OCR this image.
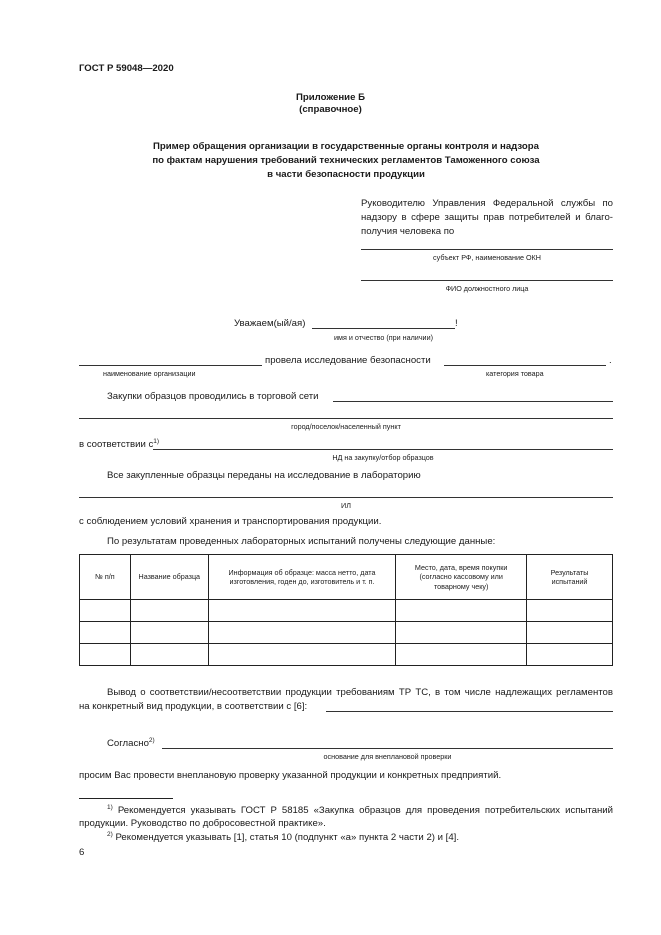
ГОСТ Р 59048—2020
Приложение Б
(справочное)
Пример обращения организации в государственные органы контроля и надзора
по фактам нарушения требований технических регламентов Таможенного союза
в части безопасности продукции
Руководителю Управления Федеральной службы по
надзору в сфере защиты прав потребителей и благо-
получия человека по
субъект РФ, наименование ОКН
ФИО должностного лица
Уважаем(ый/ая)	!
имя и отчество (при наличии)
провела исследование безопасности	.
наименование организации	категория товара
Закупки образцов проводились в торговой сети
город/поселок/населенный пункт
в соответствии $с^{1)}$
НД на закупку/отбор образцов
Все закупленные образцы переданы на исследование в лабораторию
ИЛ
с соблюдением условий хранения и транспортирования продукции.
По результатам проведенных лабораторных испытаний получены следующие данные:
№ п/п	Название образца	Информация об образце: масса нетто, дата изготовления, годен до, изготовитель и т. п.	Место, дата, время покупки (согласно кассовому или товарному чеку)	Результаты испытаний

Вывод о соответствии/несоответствии продукции требованиям ТР ТС, в том числе надлежащих регламентов
на конкретный вид продукции, в соответствии с [6]:
Согласно$^{2)}$
основание для внеплановой проверки
просим Вас провести внеплановую проверку указанной продукции и конкретных предприятий.
$^{1)}$ Рекомендуется указывать ГОСТ Р 58185 «Закупка образцов для проведения потребительских испытаний
продукции. Руководство по добросовестной практике».
$^{2)}$ Рекомендуется указывать [1], статья 10 (подпункт «а» пункта 2 части 2) и [4].
6
